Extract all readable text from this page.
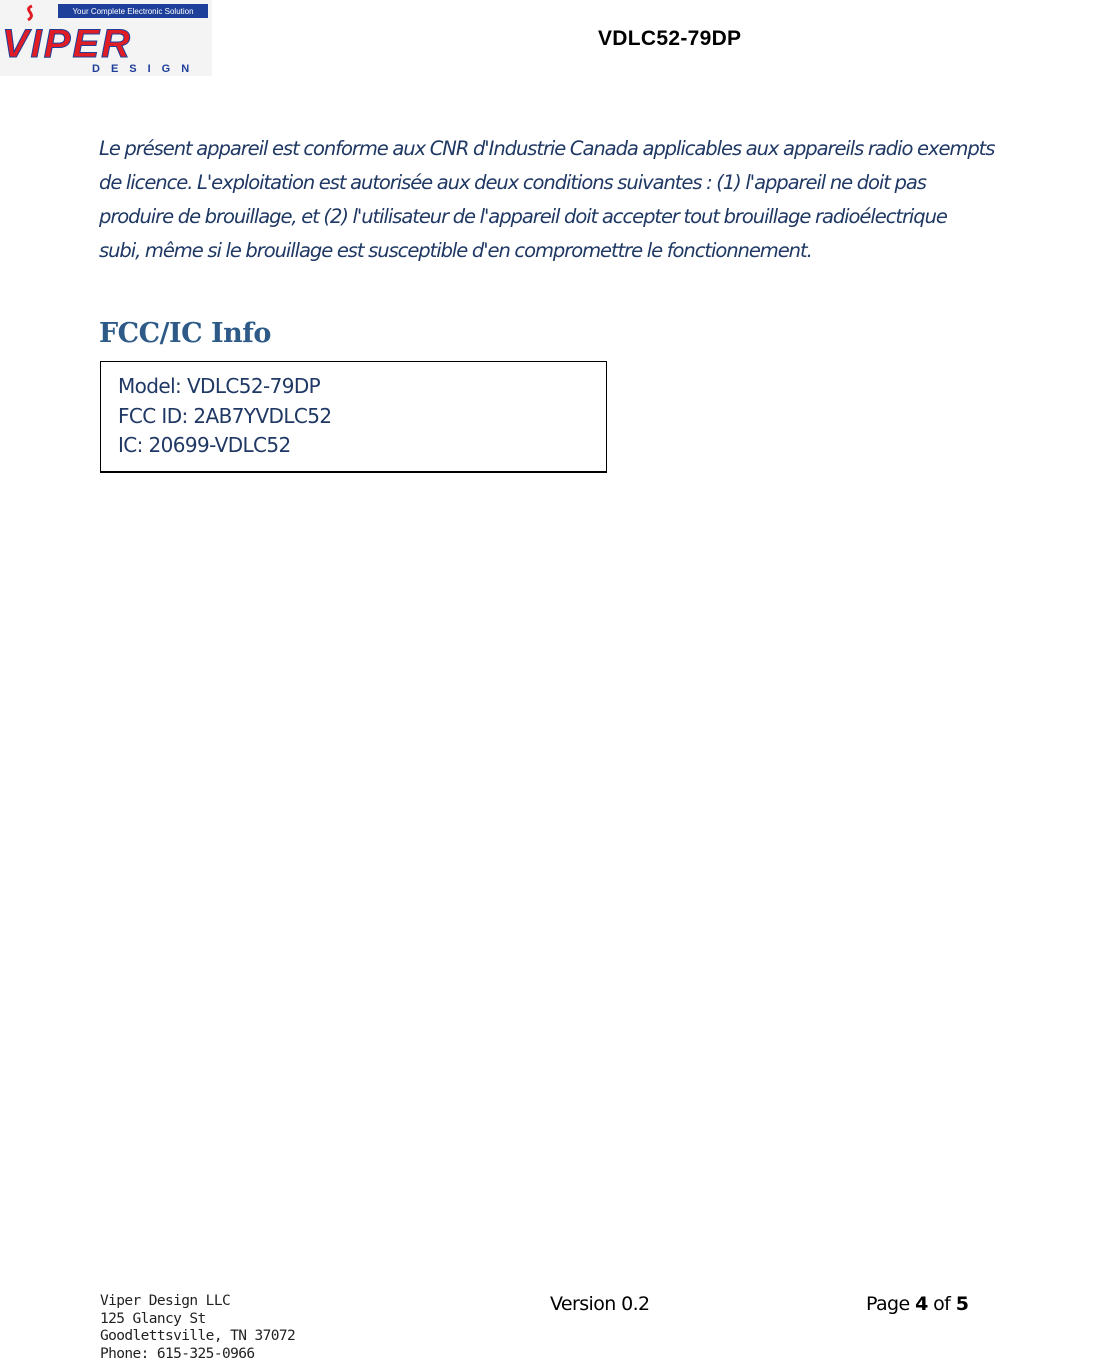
Your Complete Electronic Solution
VIPER
DESIGN
VDLC52-79DP
Le présent appareil est conforme aux CNR d'Industrie Canada applicables aux appareils radio exempts
de licence. L'exploitation est autorisée aux deux conditions suivantes : (1) l'appareil ne doit pas
produire de brouillage, et (2) l'utilisateur de l'appareil doit accepter tout brouillage radioélectrique
subi, même si le brouillage est susceptible d'en compromettre le fonctionnement.
FCC/IC Info
Model: VDLC52-79DP
FCC ID: 2AB7YVDLC52
IC: 20699-VDLC52
Viper Design LLC
125 Glancy St
Goodlettsville, TN 37072
Phone: 615-325-0966
Version 0.2	Page 4 of 5
